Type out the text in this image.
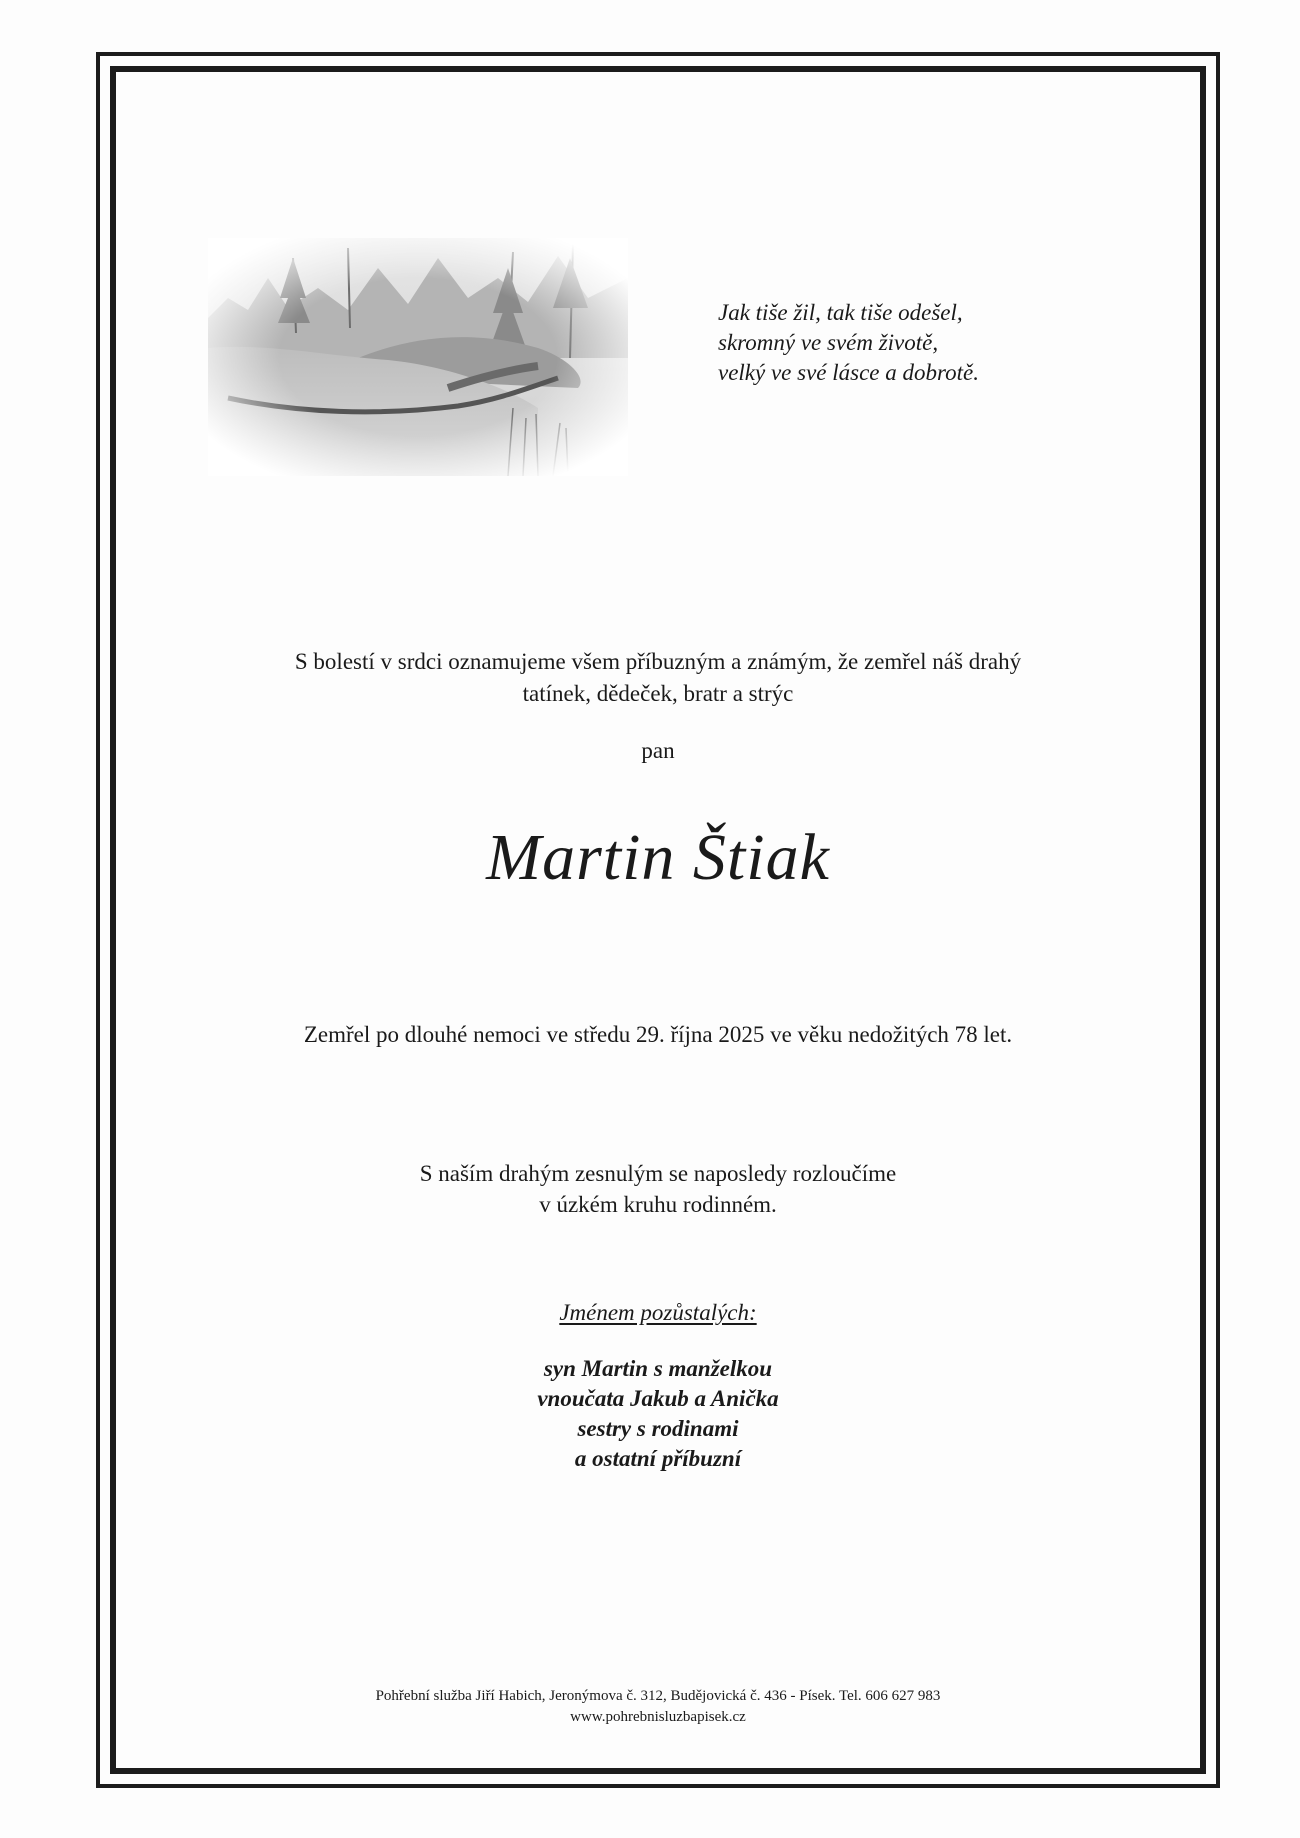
Jak tiše žil, tak tiše odešel,
skromný ve svém životě,
velký ve své lásce a dobrotě.
S bolestí v srdci oznamujeme všem příbuzným a známým, že zemřel náš drahý
tatínek, dědeček, bratr a strýc
pan
Martin Štiak
Zemřel po dlouhé nemoci ve středu 29. října 2025 ve věku nedožitých 78 let.
S naším drahým zesnulým se naposledy rozloučíme
v úzkém kruhu rodinném.
Jménem pozůstalých:
syn Martin s manželkou
vnoučata Jakub a Anička
sestry s rodinami
a ostatní příbuzní
Pohřební služba Jiří Habich, Jeronýmova č. 312, Budějovická č. 436 - Písek. Tel. 606 627 983
www.pohrebnisluzbapisek.cz
